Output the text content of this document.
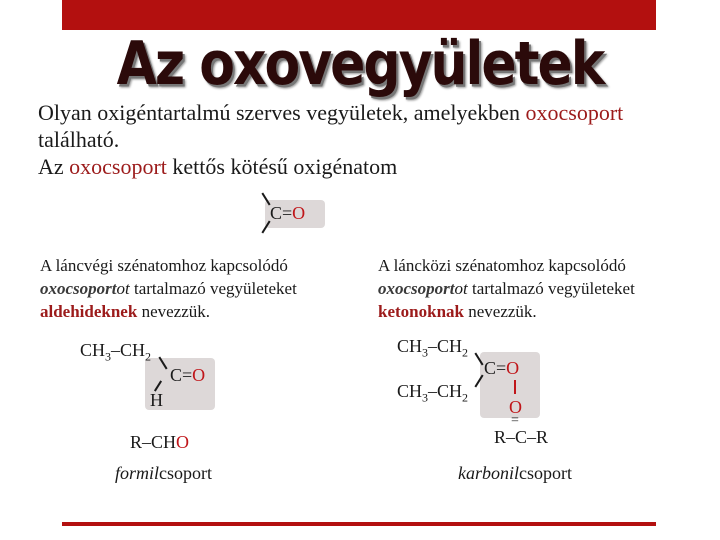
Az oxovegyületek
Olyan oxigéntartalmú szerves vegyületek, amelyekben oxocsoport
található.
Az oxocsoport kettős kötésű oxigénatom
C=O
A láncvégi szénatomhoz kapcsolódó
oxocsoportot tartalmazó vegyületeket
aldehideknek nevezzük.
$CH_3-CH_2$
C=O
H
R–CHO
formilcsoport
A láncközi szénatomhoz kapcsolódó
oxocsoportot tartalmazó vegyületeket
ketonoknak nevezzük.
$CH_3-CH_2$
C=O
$CH_3-CH_2$ O
=
R–C–R
karbonilcsoport
